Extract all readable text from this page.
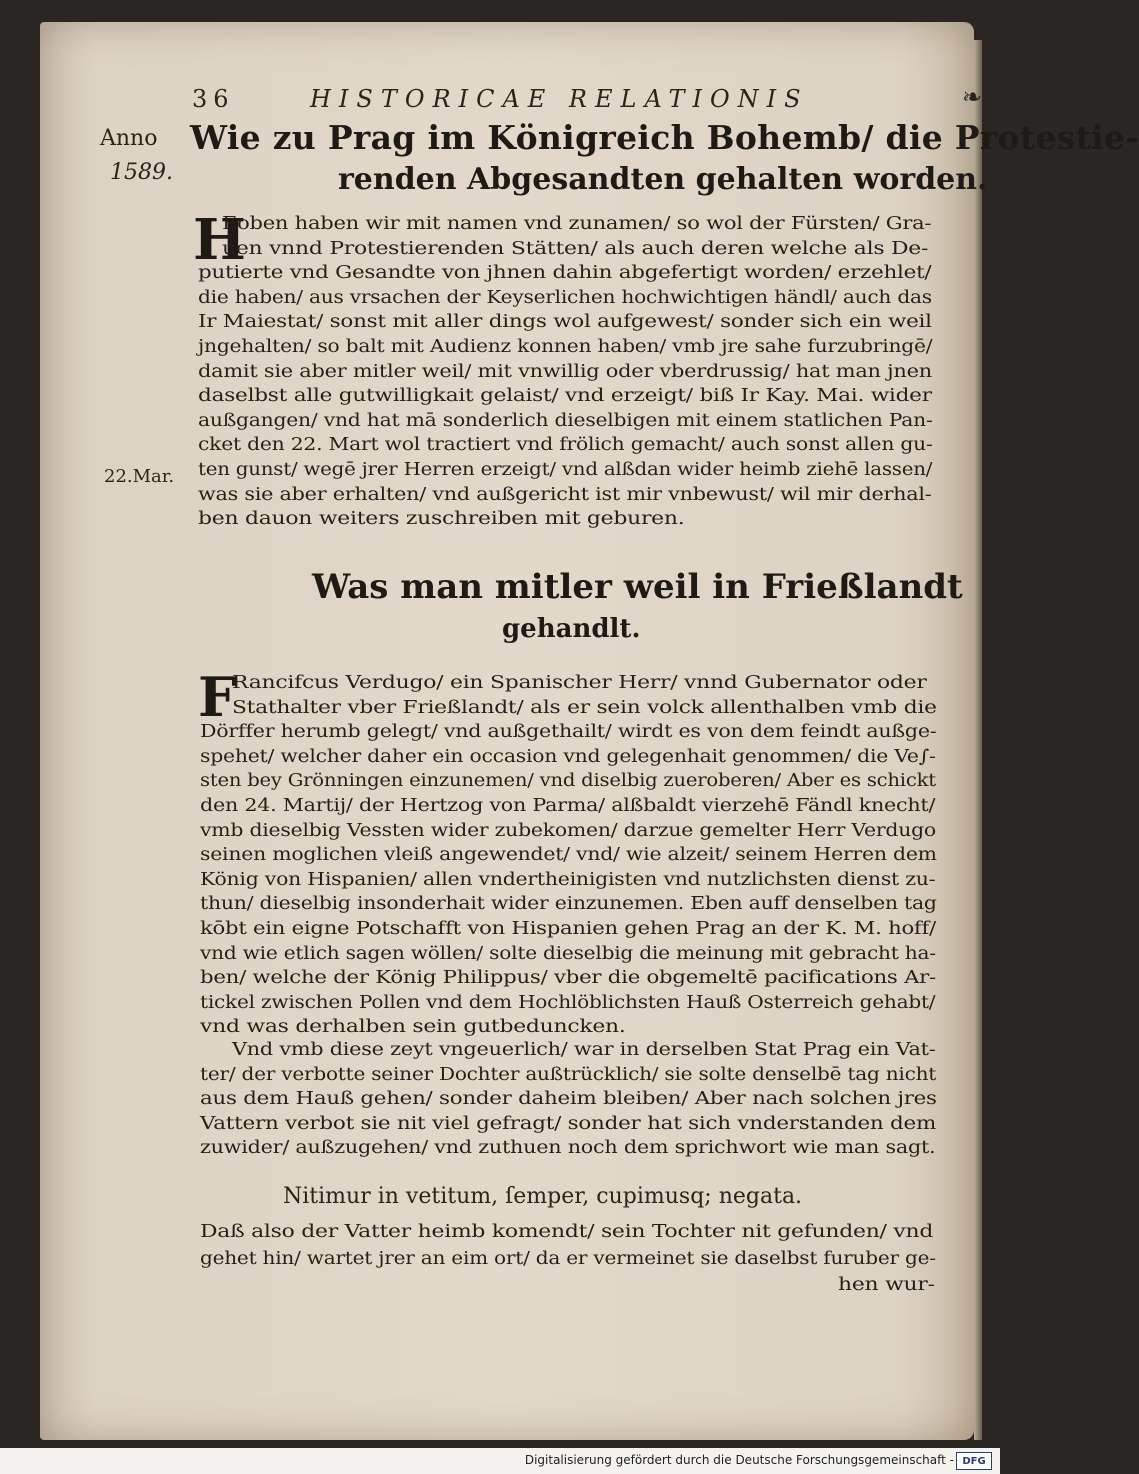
36	HISTORICAE RELATIONIS	❧
Anno
1589.
22.Mar.
Wie zu Prag im Königreich Bohemb/ die Protestie-
renden Abgesandten gehalten worden.
H
Eoben haben wir mit namen vnd zunamen/ so wol der Fürsten/ Gra-
uen vnnd Protestierenden Stätten/ als auch deren welche als De-
putierte vnd Gesandte von jhnen dahin abgefertigt worden/ erzehlet/
die haben/ aus vrsachen der Keyserlichen hochwichtigen händl/ auch das
Ir Maiestat/ sonst mit aller dings wol aufgewest/ sonder sich ein weil
jngehalten/ so balt mit Audienz konnen haben/ vmb jre sahe furzubringē/
damit sie aber mitler weil/ mit vnwillig oder vberdrussig/ hat man jnen
daselbst alle gutwilligkait gelaist/ vnd erzeigt/ biß Ir Kay. Mai. wider
außgangen/ vnd hat mā sonderlich dieselbigen mit einem statlichen Pan-
cket den 22. Mart wol tractiert vnd frölich gemacht/ auch sonst allen gu-
ten gunst/ wegē jrer Herren erzeigt/ vnd alßdan wider heimb ziehē lassen/
was sie aber erhalten/ vnd außgericht ist mir vnbewust/ wil mir derhal-
ben dauon weiters zuschreiben mit geburen.
Was man mitler weil in Frießlandt
gehandlt.
F
Rancifcus Verdugo/ ein Spanischer Herr/ vnnd Gubernator oder
Stathalter vber Frießlandt/ als er sein volck allenthalben vmb die
Dörffer herumb gelegt/ vnd außgethailt/ wirdt es von dem feindt außge-
spehet/ welcher daher ein occasion vnd gelegenhait genommen/ die Ve∫-
sten bey Grönningen einzunemen/ vnd diselbig zueroberen/ Aber es schickt
den 24. Martij/ der Hertzog von Parma/ alßbaldt vierzehē Fändl knecht/
vmb dieselbig Vessten wider zubekomen/ darzue gemelter Herr Verdugo
seinen moglichen vleiß angewendet/ vnd/ wie alzeit/ seinem Herren dem
König von Hispanien/ allen vndertheinigisten vnd nutzlichsten dienst zu-
thun/ dieselbig insonderhait wider einzunemen. Eben auff denselben tag
kōbt ein eigne Potschafft von Hispanien gehen Prag an der K. M. hoff/
vnd wie etlich sagen wöllen/ solte dieselbig die meinung mit gebracht ha-
ben/ welche der König Philippus/ vber die obgemeltē pacifications Ar-
tickel zwischen Pollen vnd dem Hochlöblichsten Hauß Osterreich gehabt/
vnd was derhalben sein gutbeduncken.
Vnd vmb diese zeyt vngeuerlich/ war in derselben Stat Prag ein Vat-
ter/ der verbotte seiner Dochter außtrücklich/ sie solte denselbē tag nicht
aus dem Hauß gehen/ sonder daheim bleiben/ Aber nach solchen jres
Vattern verbot sie nit viel gefragt/ sonder hat sich vnderstanden dem
zuwider/ außzugehen/ vnd zuthuen noch dem sprichwort wie man sagt.
Nitimur in vetitum, ſemper, cupimusq; negata.
Daß also der Vatter heimb komendt/ sein Tochter nit gefunden/ vnd
gehet hin/ wartet jrer an eim ort/ da er vermeinet sie daselbst furuber ge-
hen wur-
Digitalisierung gefördert durch die Deutsche Forschungsgemeinschaft - DFG
